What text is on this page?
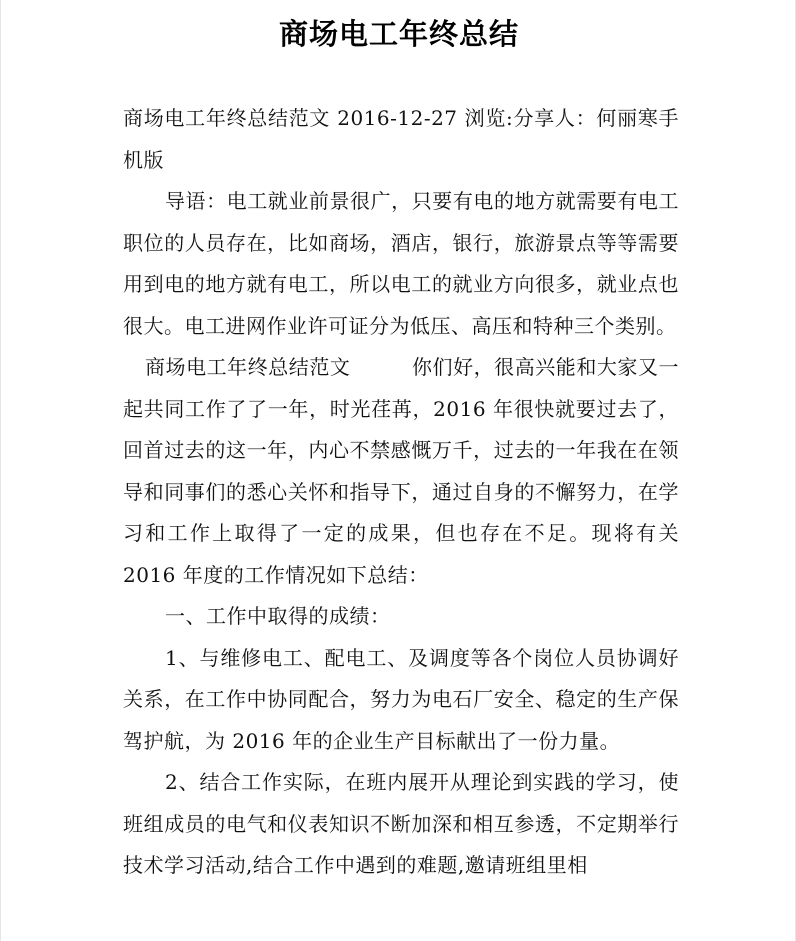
商场电工年终总结

商场电工年终总结范文 2016-12-27 浏览:分享人：何丽寒手机版

导语：电工就业前景很广，只要有电的地方就需要有电工职位的人员存在，比如商场，酒店，银行，旅游景点等等需要用到电的地方就有电工，所以电工的就业方向很多，就业点也很大。电工进网作业许可证分为低压、高压和特种三个类别。

商场电工年终总结范文　　　你们好，很高兴能和大家又一起共同工作了了一年，时光荏苒，2016 年很快就要过去了，回首过去的这一年，内心不禁感慨万千，过去的一年我在在领导和同事们的悉心关怀和指导下，通过自身的不懈努力，在学习和工作上取得了一定的成果，但也存在不足。现将有关 2016 年度的工作情况如下总结：

一、工作中取得的成绩：

1、与维修电工、配电工、及调度等各个岗位人员协调好关系，在工作中协同配合，努力为电石厂安全、稳定的生产保驾护航，为 2016 年的企业生产目标献出了一份力量。

2、结合工作实际，在班内展开从理论到实践的学习，使班组成员的电气和仪表知识不断加深和相互参透，不定期举行技术学习活动,结合工作中遇到的难题,邀请班组里相
